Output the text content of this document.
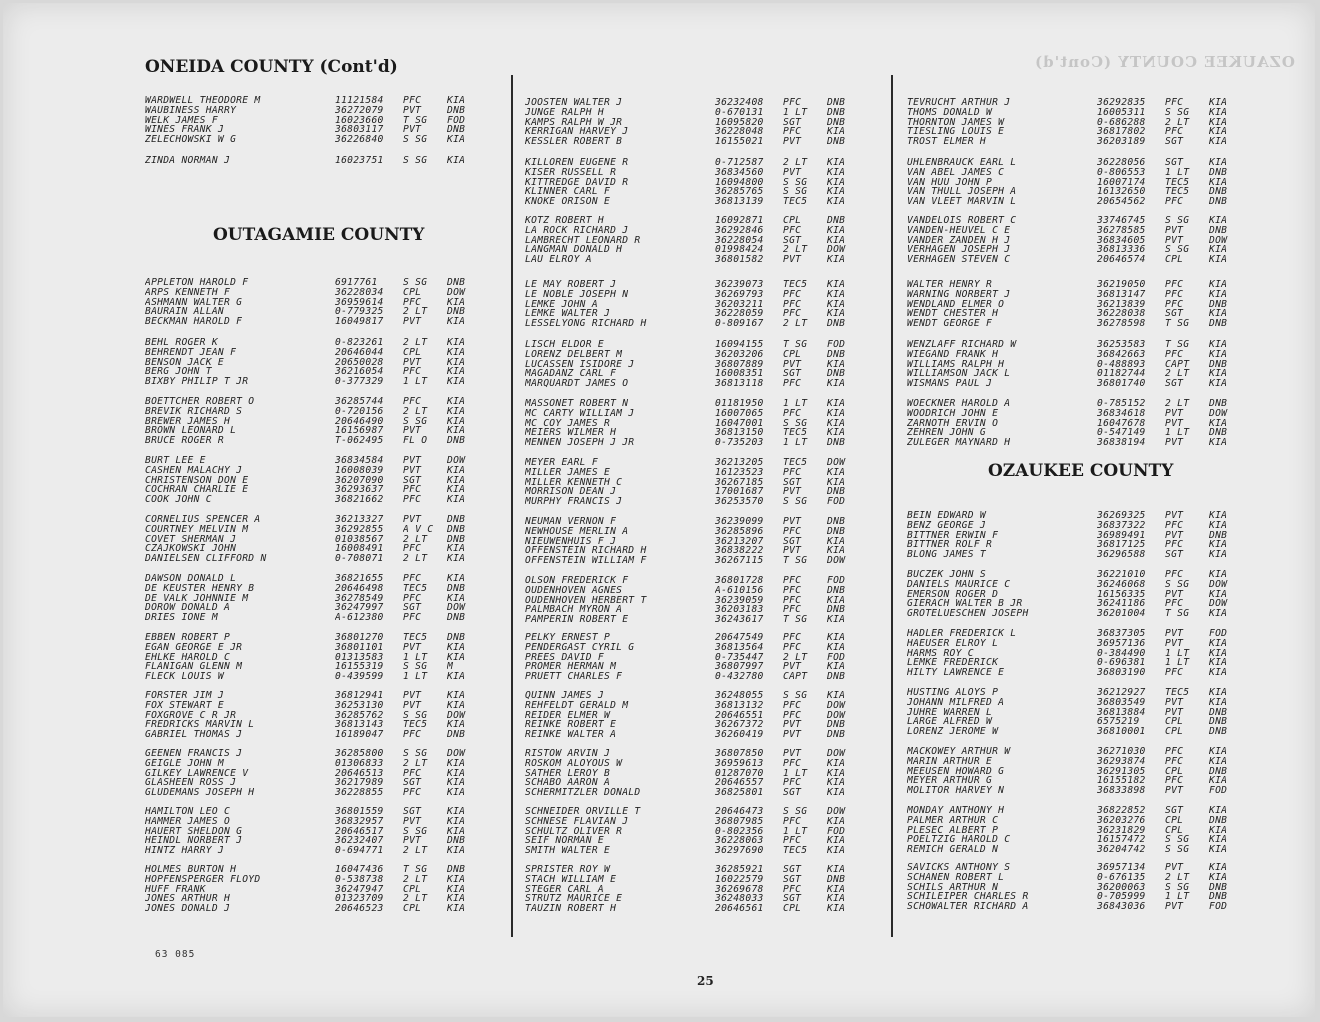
OZAUKEE COUNTY (Cont'd)
ONEIDA COUNTY (Cont'd)
OUTAGAMIE COUNTY
OZAUKEE COUNTY
WARDWELL THEODORE M	11121584	PFC	KIA
WAUBINESS HARRY	36272079	PVT	DNB
WELK JAMES F	16023660	T SG	FOD
WINES FRANK J	36803117	PVT	DNB
ZELECHOWSKI W G	36226840	S SG	KIA
ZINDA NORMAN J	16023751	S SG	KIA
APPLETON HAROLD F	6917761	S SG	DNB
ARPS KENNETH F	36228034	CPL	DOW
ASHMANN WALTER G	36959614	PFC	KIA
BAURAIN ALLAN	0-779325	2 LT	DNB
BECKMAN HAROLD F	16049817	PVT	KIA
BEHL ROGER K	0-823261	2 LT	KIA
BEHRENDT JEAN F	20646044	CPL	KIA
BENSON JACK E	20650028	PVT	KIA
BERG JOHN T	36216054	PFC	KIA
BIXBY PHILIP T JR	0-377329	1 LT	KIA
BOETTCHER ROBERT O	36285744	PFC	KIA
BREVIK RICHARD S	0-720156	2 LT	KIA
BREWER JAMES H	20646490	S SG	KIA
BROWN LEONARD L	16156987	PVT	KIA
BRUCE ROGER R	T-062495	FL O	DNB
BURT LEE E	36834584	PVT	DOW
CASHEN MALACHY J	16008039	PVT	KIA
CHRISTENSON DON E	36207090	SGT	KIA
COCHRAN CHARLIE E	36293637	PFC	KIA
COOK JOHN C	36821662	PFC	KIA
CORNELIUS SPENCER A	36213327	PVT	DNB
COURTNEY MELVIN M	36292855	A V C	DNB
COVET SHERMAN J	01038567	2 LT	DNB
CZAJKOWSKI JOHN	16008491	PFC	KIA
DANIELSEN CLIFFORD N	0-708071	2 LT	KIA
DAWSON DONALD L	36821655	PFC	KIA
DE KEUSTER HENRY B	20646498	TEC5	DNB
DE VALK JOHNNIE M	36278549	PFC	KIA
DOROW DONALD A	36247997	SGT	DOW
DRIES IONE M	A-612380	PFC	DNB
EBBEN ROBERT P	36801270	TEC5	DNB
EGAN GEORGE E JR	36801101	PVT	KIA
EHLKE HAROLD C	01313583	1 LT	KIA
FLANIGAN GLENN M	16155319	S SG	M
FLECK LOUIS W	0-439599	1 LT	KIA
FORSTER JIM J	36812941	PVT	KIA
FOX STEWART E	36253130	PVT	KIA
FOXGROVE C R JR	36285762	S SG	DOW
FREDRICKS MARVIN L	36813143	TEC5	KIA
GABRIEL THOMAS J	16189047	PFC	DNB
GEENEN FRANCIS J	36285800	S SG	DOW
GEIGLE JOHN M	01306833	2 LT	KIA
GILKEY LAWRENCE V	20646513	PFC	KIA
GLASHEEN ROSS J	36217989	SGT	KIA
GLUDEMANS JOSEPH H	36228855	PFC	KIA
HAMILTON LEO C	36801559	SGT	KIA
HAMMER JAMES O	36832957	PVT	KIA
HAUERT SHELDON G	20646517	S SG	KIA
HEINDL NORBERT J	36232407	PVT	DNB
HINTZ HARRY J	0-694771	2 LT	KIA
HOLMES BURTON H	16047436	T SG	DNB
HOPFENSPERGER FLOYD	0-538738	2 LT	KIA
HUFF FRANK	36247947	CPL	KIA
JONES ARTHUR H	01323709	2 LT	KIA
JONES DONALD J	20646523	CPL	KIA
JOOSTEN WALTER J	36232408	PFC	DNB
JUNGE RALPH H	0-670131	1 LT	DNB
KAMPS RALPH W JR	16095820	SGT	DNB
KERRIGAN HARVEY J	36228048	PFC	KIA
KESSLER ROBERT B	16155021	PVT	DNB
KILLOREN EUGENE R	0-712587	2 LT	KIA
KISER RUSSELL R	36834560	PVT	KIA
KITTREDGE DAVID R	16094800	S SG	KIA
KLINNER CARL F	36285765	S SG	KIA
KNOKE ORISON E	36813139	TEC5	KIA
KOTZ ROBERT H	16092871	CPL	DNB
LA ROCK RICHARD J	36292846	PFC	KIA
LAMBRECHT LEONARD R	36228054	SGT	KIA
LANGMAN DONALD H	01998424	2 LT	DOW
LAU ELROY A	36801582	PVT	KIA
LE MAY ROBERT J	36239073	TEC5	KIA
LE NOBLE JOSEPH N	36269793	PFC	KIA
LEMKE JOHN A	36203211	PFC	KIA
LEMKE WALTER J	36228059	PFC	KIA
LESSELYONG RICHARD H	0-809167	2 LT	DNB
LISCH ELDOR E	16094155	T SG	FOD
LORENZ DELBERT M	36203206	CPL	DNB
LUCASSEN ISIDORE J	36807889	PVT	KIA
MAGADANZ CARL F	16008351	SGT	DNB
MARQUARDT JAMES O	36813118	PFC	KIA
MASSONET ROBERT N	01181950	1 LT	KIA
MC CARTY WILLIAM J	16007065	PFC	KIA
MC COY JAMES R	16047001	S SG	KIA
MEIERS WILMER H	36813150	TEC5	KIA
MENNEN JOSEPH J JR	0-735203	1 LT	DNB
MEYER EARL F	36213205	TEC5	DOW
MILLER JAMES E	16123523	PFC	KIA
MILLER KENNETH C	36267185	SGT	KIA
MORRISON DEAN J	17001687	PVT	DNB
MURPHY FRANCIS J	36253570	S SG	FOD
NEUMAN VERNON F	36239099	PVT	DNB
NEWHOUSE MERLIN A	36285896	PFC	DNB
NIEUWENHUIS F J	36213207	SGT	KIA
OFFENSTEIN RICHARD H	36838222	PVT	KIA
OFFENSTEIN WILLIAM F	36267115	T SG	DOW
OLSON FREDERICK F	36801728	PFC	FOD
OUDENHOVEN AGNES	A-610156	PFC	DNB
OUDENHOVEN HERBERT T	36239059	PFC	KIA
PALMBACH MYRON A	36203183	PFC	DNB
PAMPERIN ROBERT E	36243617	T SG	KIA
PELKY ERNEST P	20647549	PFC	KIA
PENDERGAST CYRIL G	36813564	PFC	KIA
PREES DAVID F	0-735447	2 LT	FOD
PROMER HERMAN M	36807997	PVT	KIA
PRUETT CHARLES F	0-432780	CAPT	DNB
QUINN JAMES J	36248055	S SG	KIA
REHFELDT GERALD M	36813132	PFC	DOW
REIDER ELMER W	20646551	PFC	DOW
REINKE ROBERT E	36267372	PVT	DNB
REINKE WALTER A	36260419	PVT	DNB
RISTOW ARVIN J	36807850	PVT	DOW
ROSKOM ALOYOUS W	36959613	PFC	KIA
SATHER LEROY B	01287070	1 LT	KIA
SCHABO AARON A	20646557	PFC	KIA
SCHERMITZLER DONALD	36825801	SGT	KIA
SCHNEIDER ORVILLE T	20646473	S SG	DOW
SCHNESE FLAVIAN J	36807985	PFC	KIA
SCHULTZ OLIVER R	0-802356	1 LT	FOD
SEIF NORMAN E	36228063	PFC	KIA
SMITH WALTER E	36297690	TEC5	KIA
SPRISTER ROY W	36285921	SGT	KIA
STACH WILLIAM E	16022579	SGT	DNB
STEGER CARL A	36269678	PFC	KIA
STRUTZ MAURICE E	36248033	SGT	KIA
TAUZIN ROBERT H	20646561	CPL	KIA
TEVRUCHT ARTHUR J	36292835	PFC	KIA
THOMS DONALD W	16005311	S SG	KIA
THORNTON JAMES W	0-686288	2 LT	KIA
TIESLING LOUIS E	36817802	PFC	KIA
TROST ELMER H	36203189	SGT	KIA
UHLENBRAUCK EARL L	36228056	SGT	KIA
VAN ABEL JAMES C	0-806553	1 LT	DNB
VAN HUU JOHN P	16007174	TEC5	KIA
VAN THULL JOSEPH A	16132650	TEC5	DNB
VAN VLEET MARVIN L	20654562	PFC	DNB
VANDELOIS ROBERT C	33746745	S SG	KIA
VANDEN-HEUVEL C E	36278585	PVT	DNB
VANDER ZANDEN H J	36834605	PVT	DOW
VERHAGEN JOSEPH J	36813336	S SG	KIA
VERHAGEN STEVEN C	20646574	CPL	KIA
WALTER HENRY R	36219050	PFC	KIA
WARNING NORBERT J	36813147	PFC	KIA
WENDLAND ELMER O	36213839	PFC	DNB
WENDT CHESTER H	36228038	SGT	KIA
WENDT GEORGE F	36278598	T SG	DNB
WENZLAFF RICHARD W	36253583	T SG	KIA
WIEGAND FRANK H	36842663	PFC	KIA
WILLIAMS RALPH H	0-488893	CAPT	DNB
WILLIAMSON JACK L	01182744	2 LT	KIA
WISMANS PAUL J	36801740	SGT	KIA
WOECKNER HAROLD A	0-785152	2 LT	DNB
WOODRICH JOHN E	36834618	PVT	DOW
ZARNOTH ERVIN O	16047678	PVT	KIA
ZEHREN JOHN G	0-547149	1 LT	DNB
ZULEGER MAYNARD H	36838194	PVT	KIA
BEIN EDWARD W	36269325	PVT	KIA
BENZ GEORGE J	36837322	PFC	KIA
BITTNER ERWIN F	36989491	PVT	DNB
BITTNER ROLF R	36817125	PFC	KIA
BLONG JAMES T	36296588	SGT	KIA
BUCZEK JOHN S	36221010	PFC	KIA
DANIELS MAURICE C	36246068	S SG	DOW
EMERSON ROGER D	16156335	PVT	KIA
GIERACH WALTER B JR	36241186	PFC	DOW
GROTELUESCHEN JOSEPH	36201004	T SG	KIA
HADLER FREDERICK L	36837305	PVT	FOD
HAEUSER ELROY L	36957136	PVT	KIA
HARMS ROY C	0-384490	1 LT	KIA
LEMKE FREDERICK	0-696381	1 LT	KIA
HILTY LAWRENCE E	36803190	PFC	KIA
HUSTING ALOYS P	36212927	TEC5	KIA
JOHANN MILFRED A	36803549	PVT	KIA
JUHRE WARREN L	36813884	PVT	DNB
LARGE ALFRED W	6575219	CPL	DNB
LORENZ JEROME W	36810001	CPL	DNB
MACKOWEY ARTHUR W	36271030	PFC	KIA
MARIN ARTHUR E	36293874	PFC	KIA
MEEUSEN HOWARD G	36291305	CPL	DNB
MEYER ARTHUR G	16155182	PFC	KIA
MOLITOR HARVEY N	36833898	PVT	FOD
MONDAY ANTHONY H	36822852	SGT	KIA
PALMER ARTHUR C	36203276	CPL	DNB
PLESEC ALBERT P	36231829	CPL	KIA
POELTZIG HAROLD C	16157472	S SG	KIA
REMICH GERALD N	36204742	S SG	KIA
SAVICKS ANTHONY S	36957134	PVT	KIA
SCHANEN ROBERT L	0-676135	2 LT	KIA
SCHILS ARTHUR N	36200063	S SG	DNB
SCHILEIPER CHARLES R	0-705999	1 LT	DNB
SCHOWALTER RICHARD A	36843036	PVT	FOD
63 085
25
